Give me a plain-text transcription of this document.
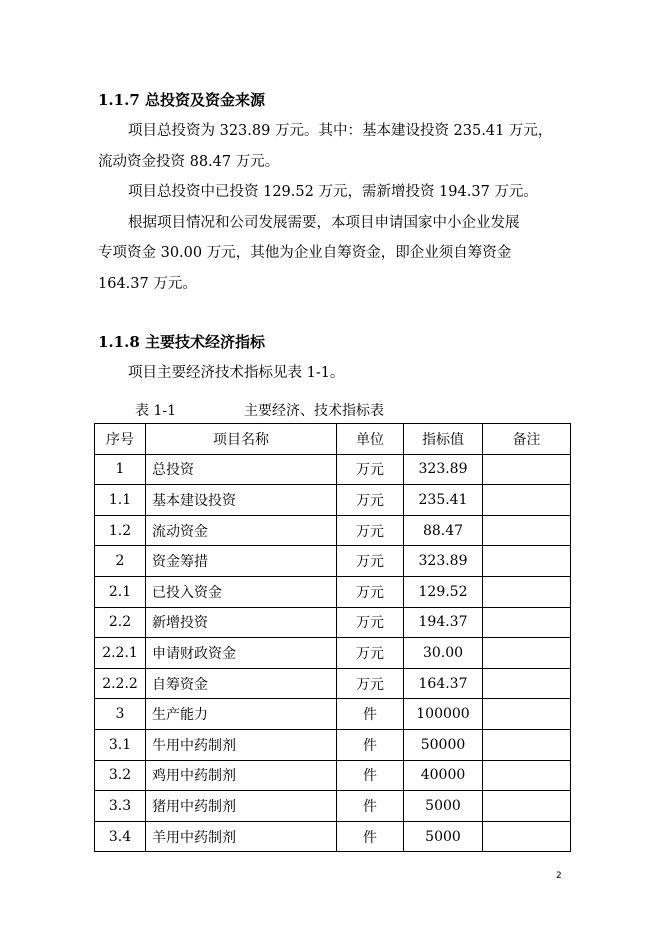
1.1.7 总投资及资金来源

项目总投资为 323.89 万元。其中：基本建设投资 235.41 万元，

流动资金投资 88.47 万元。

项目总投资中已投资 129.52 万元，需新增投资 194.37 万元。

根据项目情况和公司发展需要，本项目申请国家中小企业发展

专项资金 30.00 万元，其他为企业自筹资金，即企业须自筹资金

164.37 万元。

1.1.8 主要技术经济指标

项目主要经济技术指标见表 1-1。

表 1-1	主要经济、技术指标表
序号	项目名称	单位	指标值	备注
1	总投资	万元	323.89	
1.1	基本建设投资	万元	235.41	
1.2	流动资金	万元	88.47	
2	资金筹措	万元	323.89	
2.1	已投入资金	万元	129.52	
2.2	新增投资	万元	194.37	
2.2.1	申请财政资金	万元	30.00	
2.2.2	自筹资金	万元	164.37	
3	生产能力	件	100000	
3.1	牛用中药制剂	件	50000	
3.2	鸡用中药制剂	件	40000	
3.3	猪用中药制剂	件	5000	
3.4	羊用中药制剂	件	5000	
2
